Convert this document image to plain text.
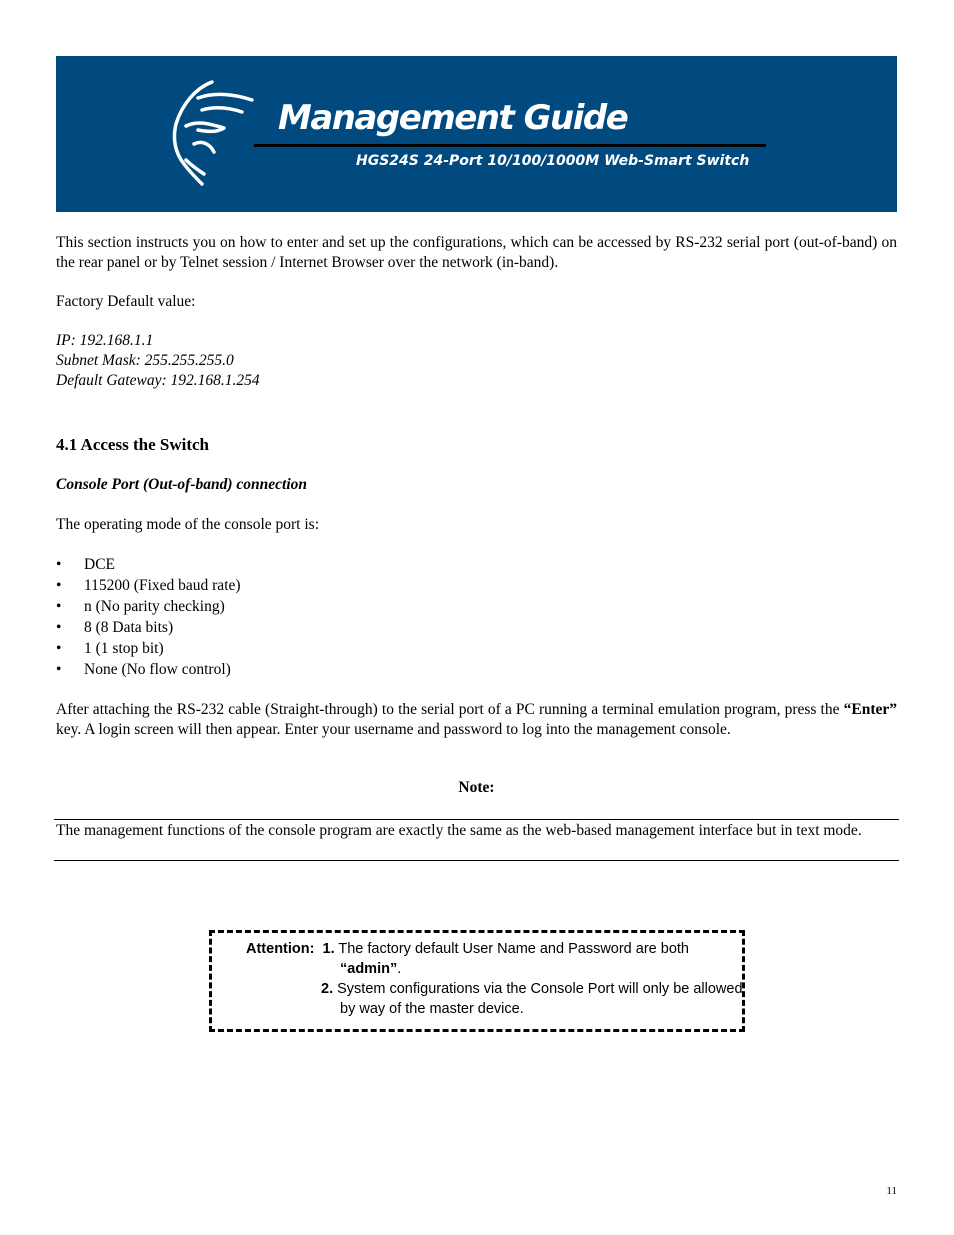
Management Guide
HGS24S 24-Port 10/100/1000M Web-Smart Switch

This section instructs you on how to enter and set up the configurations, which can be accessed by RS-232 serial port (out-of-band) on the rear panel or by Telnet session / Internet Browser over the network (in-band).

Factory Default value:

IP: 192.168.1.1

Subnet Mask: 255.255.255.0

Default Gateway: 192.168.1.254

4.1 Access the Switch
Console Port (Out-of-band) connection

The operating mode of the console port is:

• DCE
• 115200 (Fixed baud rate)
• n (No parity checking)
• 8 (8 Data bits)
• 1 (1 stop bit)
• None (No flow control)

After attaching the RS-232 cable (Straight-through) to the serial port of a PC running a terminal emulation program, press the “Enter” key. A login screen will then appear. Enter your username and password to log into the management console.

Note:

The management functions of the console program are exactly the same as the web-based management interface but in text mode.

Attention: 1. The factory default User Name and Password are both
“admin”.
2. System configurations via the Console Port will only be allowed
by way of the master device.
11
